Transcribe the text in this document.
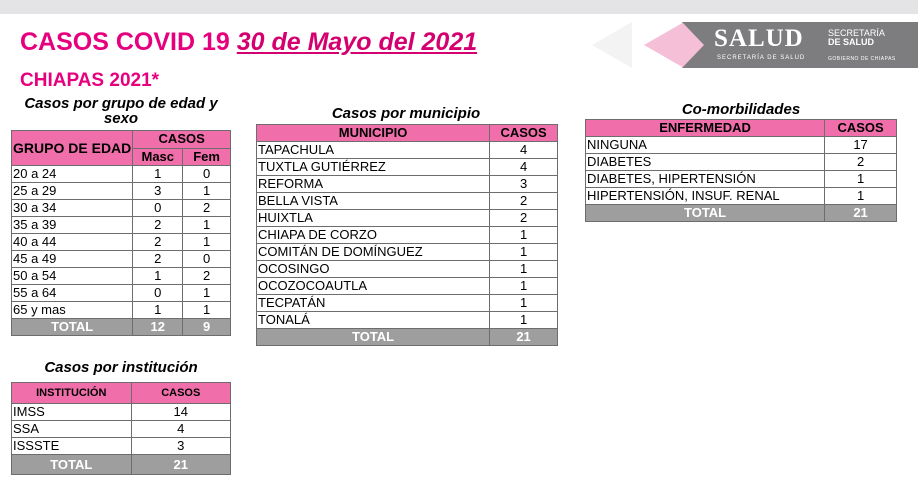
CASOS COVID 19 30 de Mayo del 2021
CHIAPAS 2021*
SALUD
SECRETARÍA DE SALUD
SECRETARÍA
DE SALUD
GOBIERNO DE CHIAPAS
Casos por grupo de edad y
sexo
GRUPO DE EDAD	CASOS	
	Masc	Fem
20 a 24	1	0
25 a 29	3	1
30 a 34	0	2
35 a 39	2	1
40 a 44	2	1
45 a 49	2	0
50 a 54	1	2
55 a 64	0	1
65 y mas	1	1
TOTAL	12	9
Casos por municipio
MUNICIPIO	CASOS
TAPACHULA	4
TUXTLA GUTIÉRREZ	4
REFORMA	3
BELLA VISTA	2
HUIXTLA	2
CHIAPA DE CORZO	1
COMITÁN DE DOMÍNGUEZ	1
OCOSINGO	1
OCOZOCOAUTLA	1
TECPATÁN	1
TONALÁ	1
TOTAL	21
Co-morbilidades
ENFERMEDAD	CASOS
NINGUNA	17
DIABETES	2
DIABETES, HIPERTENSIÓN	1
HIPERTENSIÓN, INSUF. RENAL	1
TOTAL	21
Casos por institución
INSTITUCIÓN	CASOS
IMSS	14
SSA	4
ISSSTE	3
TOTAL	21
